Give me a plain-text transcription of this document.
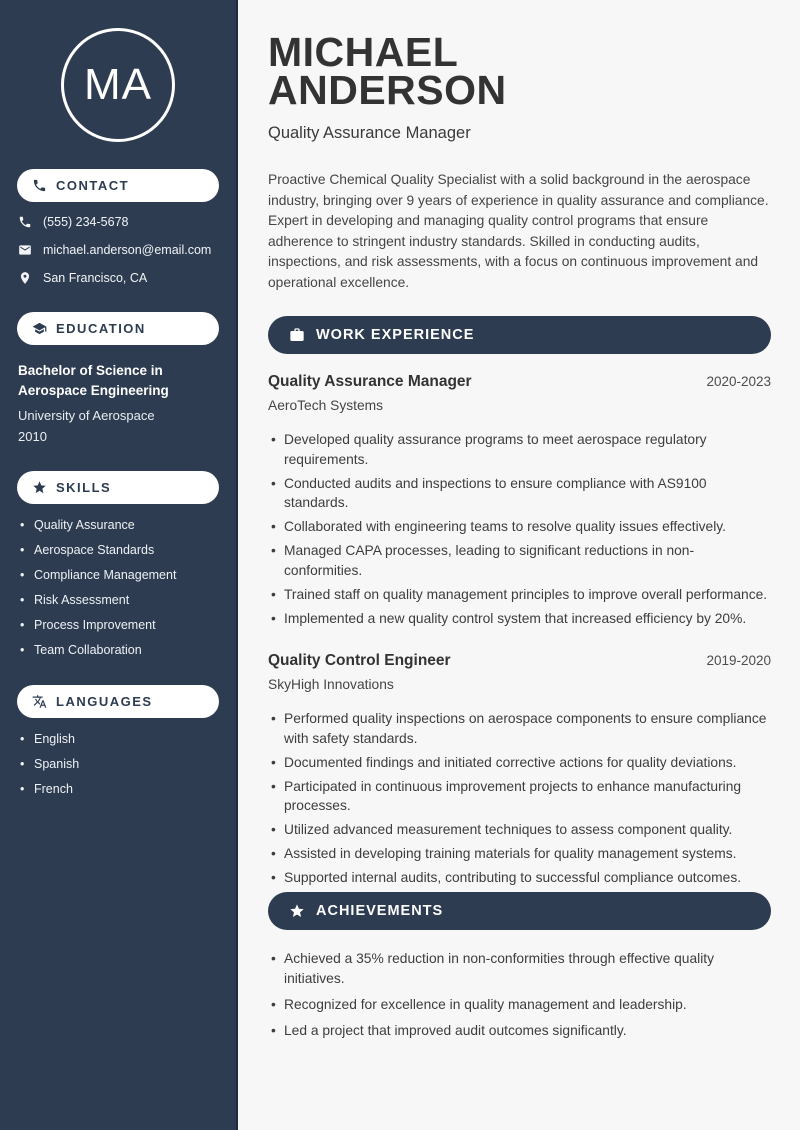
MA
CONTACT
(555) 234-5678
michael.anderson@email.com
San Francisco, CA
EDUCATION
Bachelor of Science in Aerospace Engineering
University of Aerospace
2010
SKILLS
• Quality Assurance
• Aerospace Standards
• Compliance Management
• Risk Assessment
• Process Improvement
• Team Collaboration
LANGUAGES
• English
• Spanish
• French
MICHAEL
ANDERSON
Quality Assurance Manager

Proactive Chemical Quality Specialist with a solid background in the aerospace industry, bringing over 9 years of experience in quality assurance and compliance. Expert in developing and managing quality control programs that ensure adherence to stringent industry standards. Skilled in conducting audits, inspections, and risk assessments, with a focus on continuous improvement and operational excellence.

WORK EXPERIENCE
Quality Assurance Manager	2020-2023
AeroTech Systems
• Developed quality assurance programs to meet aerospace regulatory requirements.
• Conducted audits and inspections to ensure compliance with AS9100 standards.
• Collaborated with engineering teams to resolve quality issues effectively.
• Managed CAPA processes, leading to significant reductions in non-conformities.
• Trained staff on quality management principles to improve overall performance.
• Implemented a new quality control system that increased efficiency by 20%.
Quality Control Engineer	2019-2020
SkyHigh Innovations
• Performed quality inspections on aerospace components to ensure compliance with safety standards.
• Documented findings and initiated corrective actions for quality deviations.
• Participated in continuous improvement projects to enhance manufacturing processes.
• Utilized advanced measurement techniques to assess component quality.
• Assisted in developing training materials for quality management systems.
• Supported internal audits, contributing to successful compliance outcomes.
ACHIEVEMENTS
• Achieved a 35% reduction in non-conformities through effective quality initiatives.
• Recognized for excellence in quality management and leadership.
• Led a project that improved audit outcomes significantly.
